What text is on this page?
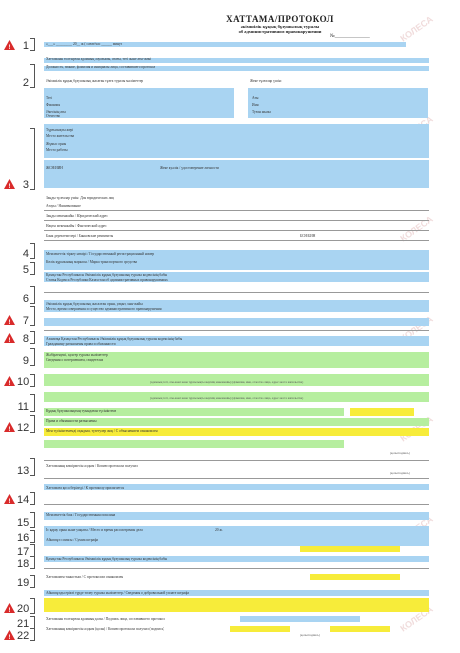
КОЛЕСА
КОЛЕСА
КОЛЕСА
КОЛЕСА
ХАТТАМА/ПРОТОКОЛ
әкімшілік құқық бұзушылық туралы
об административном правонарушении
№______________
«___» _________ 20__ ж ( сағат/час ______ минут
Хаттаманы толтырған адамның лауазымы, атағы, тегі және аты-жөні
Должность, звание, фамилия и инициалы лица, составившего протокол
Әкімшілік құқық бұзушылық жасаған тұлға туралы мәліметтер	Жеке тұлғалар үшін:
Тегі	Аты
Фамилия	Имя
Әкесінің аты	Туған жылы
Отчество
Тұрғылықты жері
Место жительства
Жұмыс орны
Место работы
ЖСН/ИИН	Жеке куәлік / удостоверение личности
Заңды тұлғалар үшін: Для юридических лиц
Атауы / Наименование
Заңды мекенжайы / Юридический адрес
Нақты мекенжайы / Фактический адрес
Банк деректемелері / Банковские реквизиты	БСН/БИН
Мемлекеттік тіркеу нөмірі / Государственный регистрационный номер
Көлік құралының маркасы / Марка транспортного средства
Қазақстан Республикасы Әкімшілік құқық бұзушылық туралы кодексінің бабы
Статья Кодекса Республики Казахстан об административных правонарушениях
Әкімшілік құқық бұзушылық жасалған орын, уақыт, мән-жайы
Место, время совершения и существо административного правонарушения
Азаматқа Қазақстан Республикасы Әкімшілік құқық бұзушылық туралы кодексінің бабы
Гражданину разъяснены права и обязанности
Жәбірленуші, куәгер туралы мәліметтер
Сведения о потерпевшем, свидетелях
(адамның тегі, аты-жөні және тұрғылықты жерінің мекенжайы) (фамилия, имя, отчество лица, адрес места жительства)
(адамның тегі, аты-жөні және тұрғылықты жерінің мекенжайы) (фамилия, имя, отчество лица, адрес места жительства)
Құқық бұзушылықтың туындаған түсініктеме
Права и обязанности разъяснены
Мен түсініктемемді оқыдым, түзетулер жоқ / С объяснением ознакомлен
(қолы/подпись)
Хаттаманың көшірмесін алдым / Копию протокола получил
(қолы/подпись)
Хаттамаға қоса беріледі / К протоколу прилагается
Мемлекеттік баж / Государственная пошлина
Іс қарау орны және уақыты / Место и время рассмотрения дела	20 ж.
Айыппұл сомасы / Сумма штрафа
Қазақстан Республикасы Әкімшілік құқық бұзушылық туралы кодексінің бабы
Хаттамамен таныстым / С протоколом ознакомлен
Айыппұлды ерікті түрде төлеу туралы мәліметтер / Сведения о добровольной уплате штрафа
Хаттаманы толтырған адамның қолы / Подпись лица, составившего протокол
Хаттаманың көшірмесін алдым (қолы) / Копию протокола получил (подпись)
(қолы/подпись)
! 1
2
! 3
4
5
6
! 7
! 8
9
! 10
11
! 12
13
! 14
15
16
17
18
19
! 20
21
! 22
